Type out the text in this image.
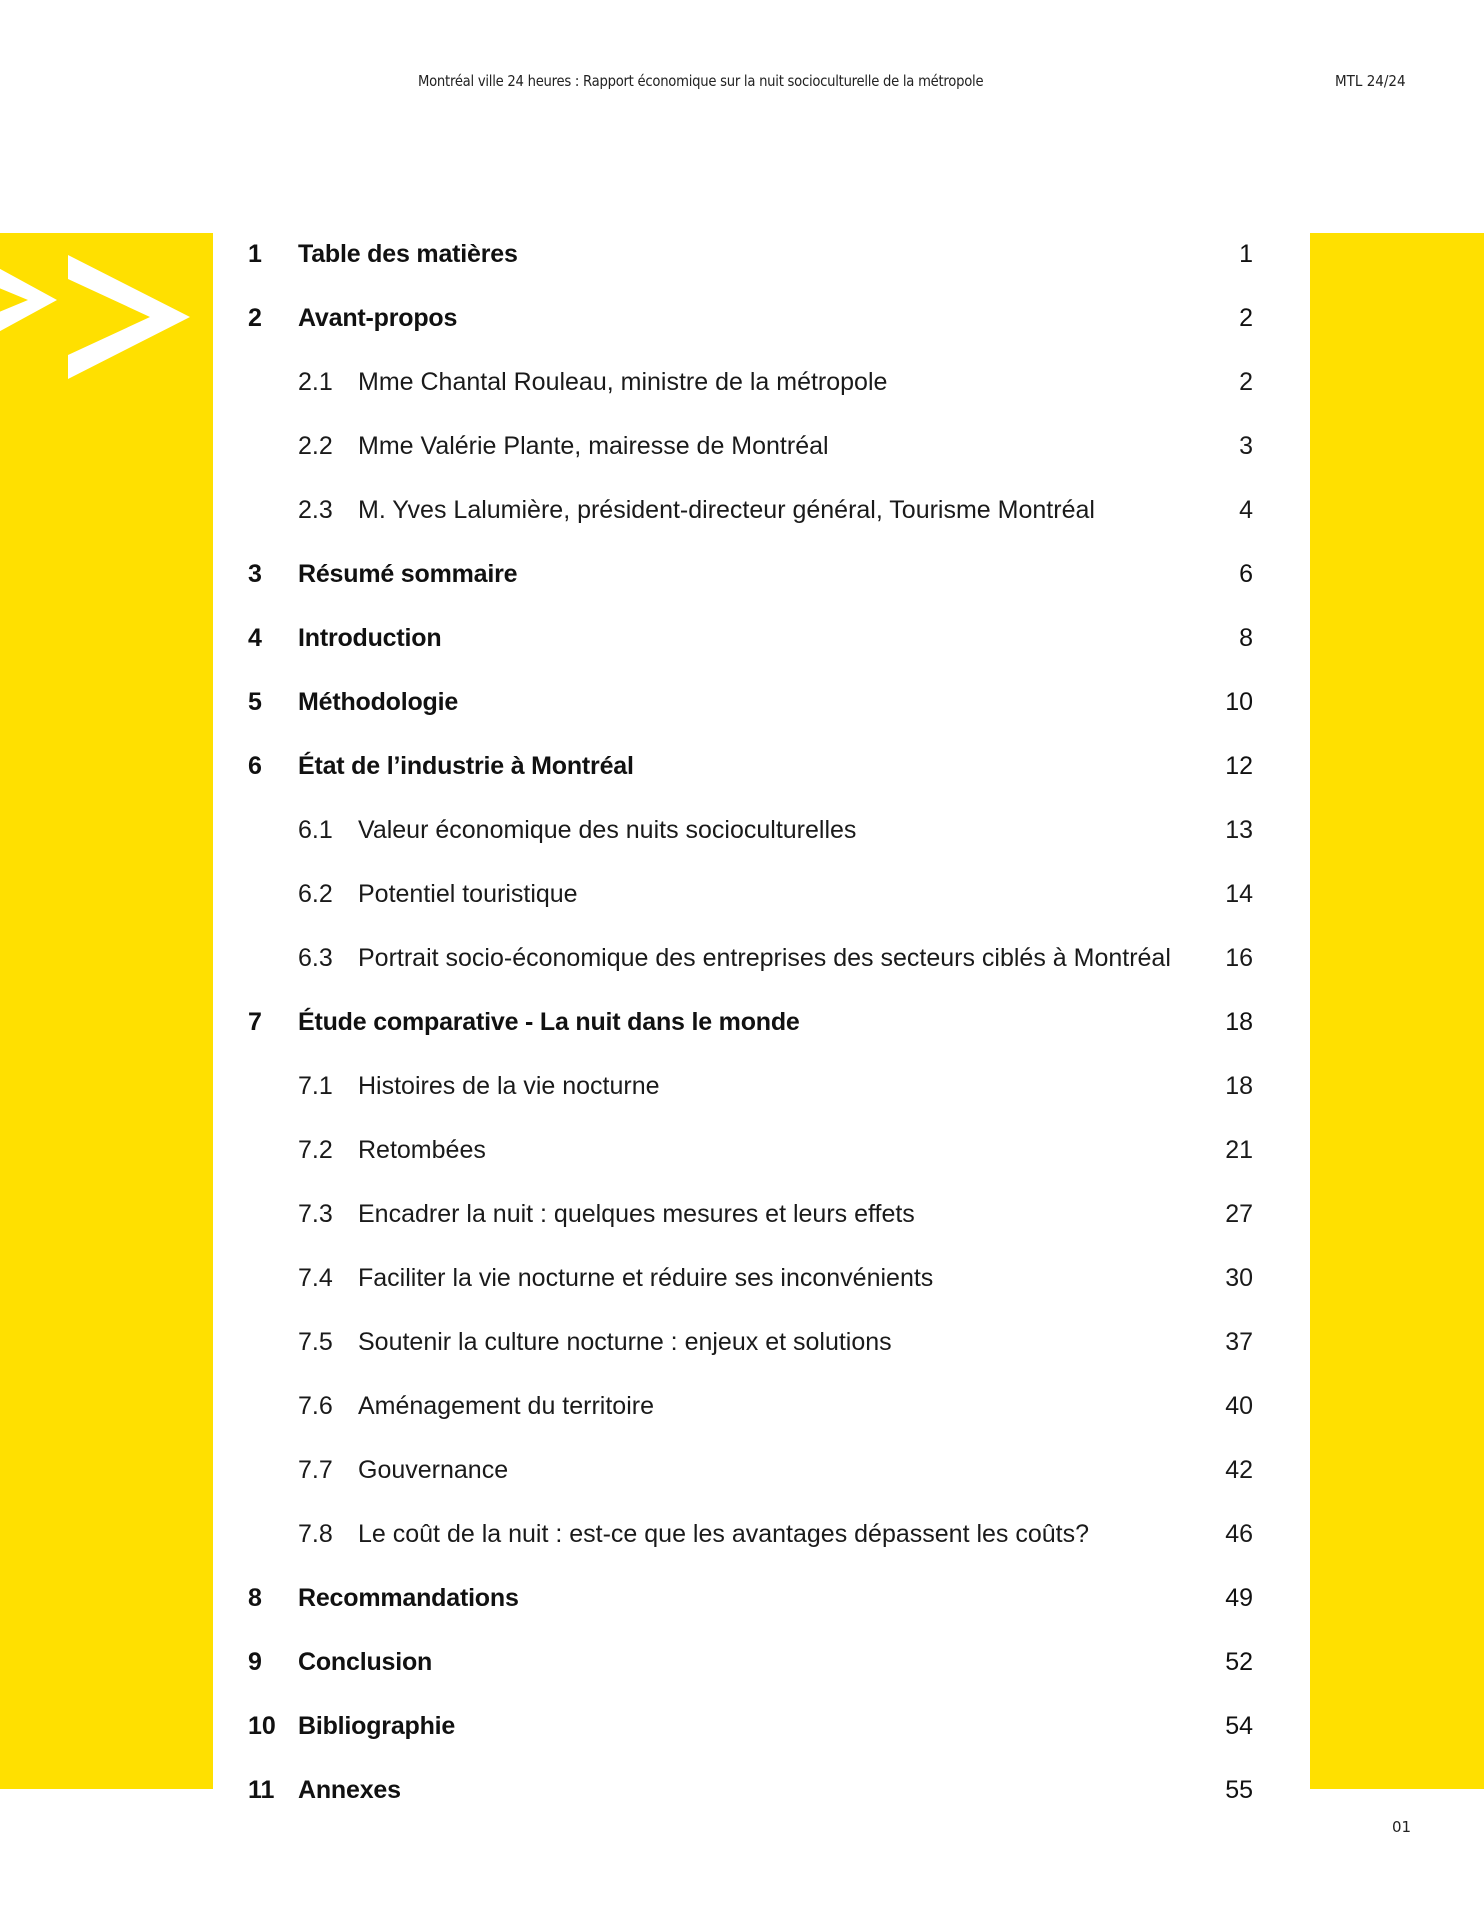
Montréal ville 24 heures : Rapport économique sur la nuit socioculturelle de la métropole	MTL 24/24
1	Table des matières	1
2	Avant-propos	2
2.1	Mme Chantal Rouleau, ministre de la métropole	2
2.2	Mme Valérie Plante, mairesse de Montréal	3
2.3	M. Yves Lalumière, président-directeur général, Tourisme Montréal	4
3	Résumé sommaire	6
4	Introduction	8
5	Méthodologie	10
6	État de l’industrie à Montréal	12
6.1	Valeur économique des nuits socioculturelles	13
6.2	Potentiel touristique	14
6.3	Portrait socio-économique des entreprises des secteurs ciblés à Montréal	16
7	Étude comparative - La nuit dans le monde	18
7.1	Histoires de la vie nocturne	18
7.2	Retombées	21
7.3	Encadrer la nuit : quelques mesures et leurs effets	27
7.4	Faciliter la vie nocturne et réduire ses inconvénients	30
7.5	Soutenir la culture nocturne : enjeux et solutions	37
7.6	Aménagement du territoire	40
7.7	Gouvernance	42
7.8	Le coût de la nuit : est-ce que les avantages dépassent les coûts?	46
8	Recommandations	49
9	Conclusion	52
10 Bibliographie	54
11 Annexes	55
01
